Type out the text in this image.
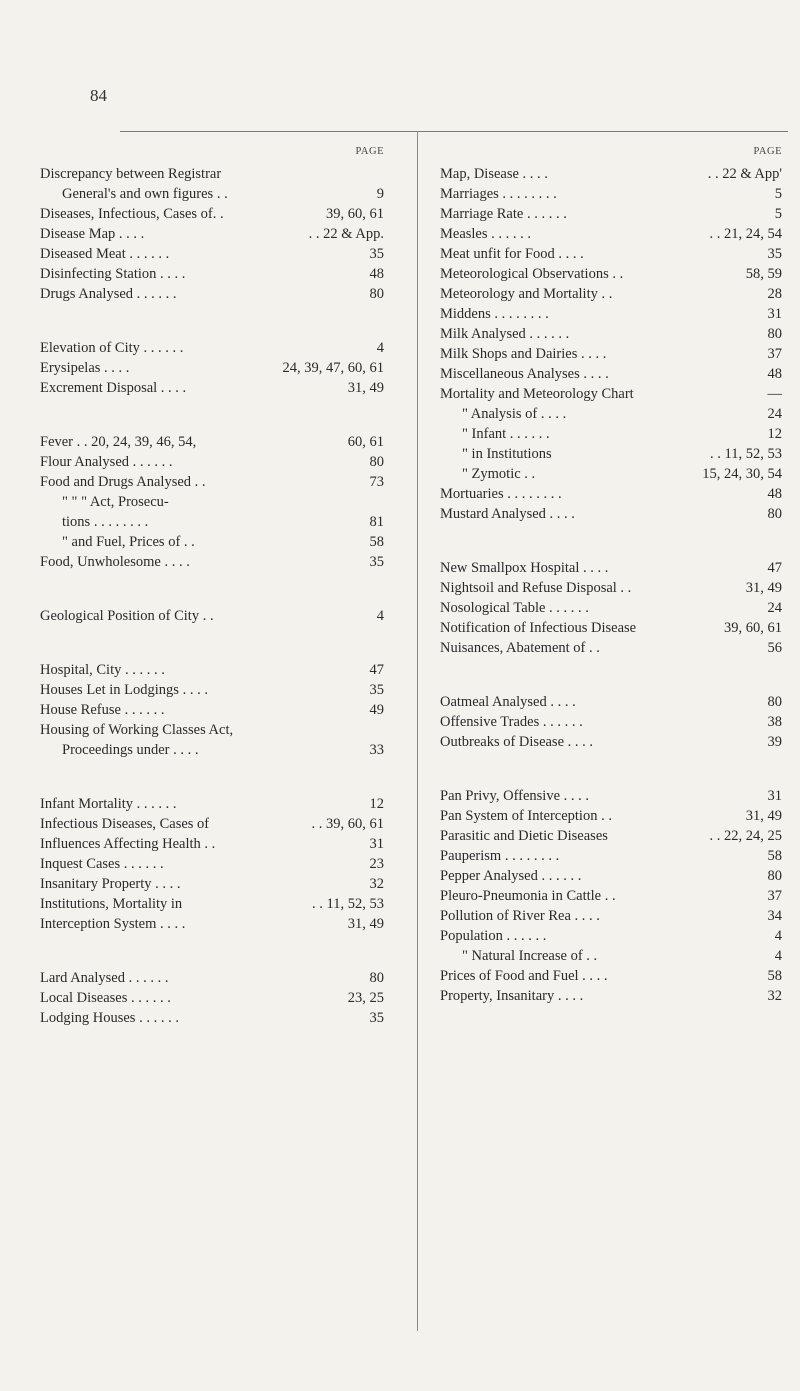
84
PAGE
Discrepancy between Registrar
General's and own figures . .	9
Diseases, Infectious, Cases of. .	39, 60, 61
Disease Map . . . .	. . 22 & App.
Diseased Meat . . . . . .	35
Disinfecting Station . . . .	48
Drugs Analysed . . . . . .	80
Elevation of City . . . . . .	4
Erysipelas . . . .	24, 39, 47, 60, 61
Excrement Disposal . . . .	31, 49
Fever . . 20, 24, 39, 46, 54,	60, 61
Flour Analysed . . . . . .	80
Food and Drugs Analysed . .	73
" " " Act, Prosecu-
tions . . . . . . . .	81
" and Fuel, Prices of . .	58
Food, Unwholesome . . . .	35
Geological Position of City . .	4
Hospital, City . . . . . .	47
Houses Let in Lodgings . . . .	35
House Refuse . . . . . .	49
Housing of Working Classes Act,
Proceedings under . . . .	33
Infant Mortality . . . . . .	12
Infectious Diseases, Cases of	. . 39, 60, 61
Influences Affecting Health . .	31
Inquest Cases . . . . . .	23
Insanitary Property . . . .	32
Institutions, Mortality in	. . 11, 52, 53
Interception System . . . .	31, 49
Lard Analysed . . . . . .	80
Local Diseases . . . . . .	23, 25
Lodging Houses . . . . . .	35
PAGE
Map, Disease . . . .	. . 22 & App'
Marriages . . . . . . . .	5
Marriage Rate . . . . . .	5
Measles . . . . . .	. . 21, 24, 54
Meat unfit for Food . . . .	35
Meteorological Observations . .	58, 59
Meteorology and Mortality . .	28
Middens . . . . . . . .	31
Milk Analysed . . . . . .	80
Milk Shops and Dairies . . . .	37
Miscellaneous Analyses . . . .	48
Mortality and Meteorology Chart	—
" Analysis of . . . .	24
" Infant . . . . . .	12
" in Institutions	. . 11, 52, 53
" Zymotic . .	15, 24, 30, 54
Mortuaries . . . . . . . .	48
Mustard Analysed . . . .	80
New Smallpox Hospital . . . .	47
Nightsoil and Refuse Disposal . .	31, 49
Nosological Table . . . . . .	24
Notification of Infectious Disease	39, 60, 61
Nuisances, Abatement of . .	56
Oatmeal Analysed . . . .	80
Offensive Trades . . . . . .	38
Outbreaks of Disease . . . .	39
Pan Privy, Offensive . . . .	31
Pan System of Interception . .	31, 49
Parasitic and Dietic Diseases	. . 22, 24, 25
Pauperism . . . . . . . .	58
Pepper Analysed . . . . . .	80
Pleuro-Pneumonia in Cattle . .	37
Pollution of River Rea . . . .	34
Population . . . . . .	4
" Natural Increase of . .	4
Prices of Food and Fuel . . . .	58
Property, Insanitary . . . .	32
